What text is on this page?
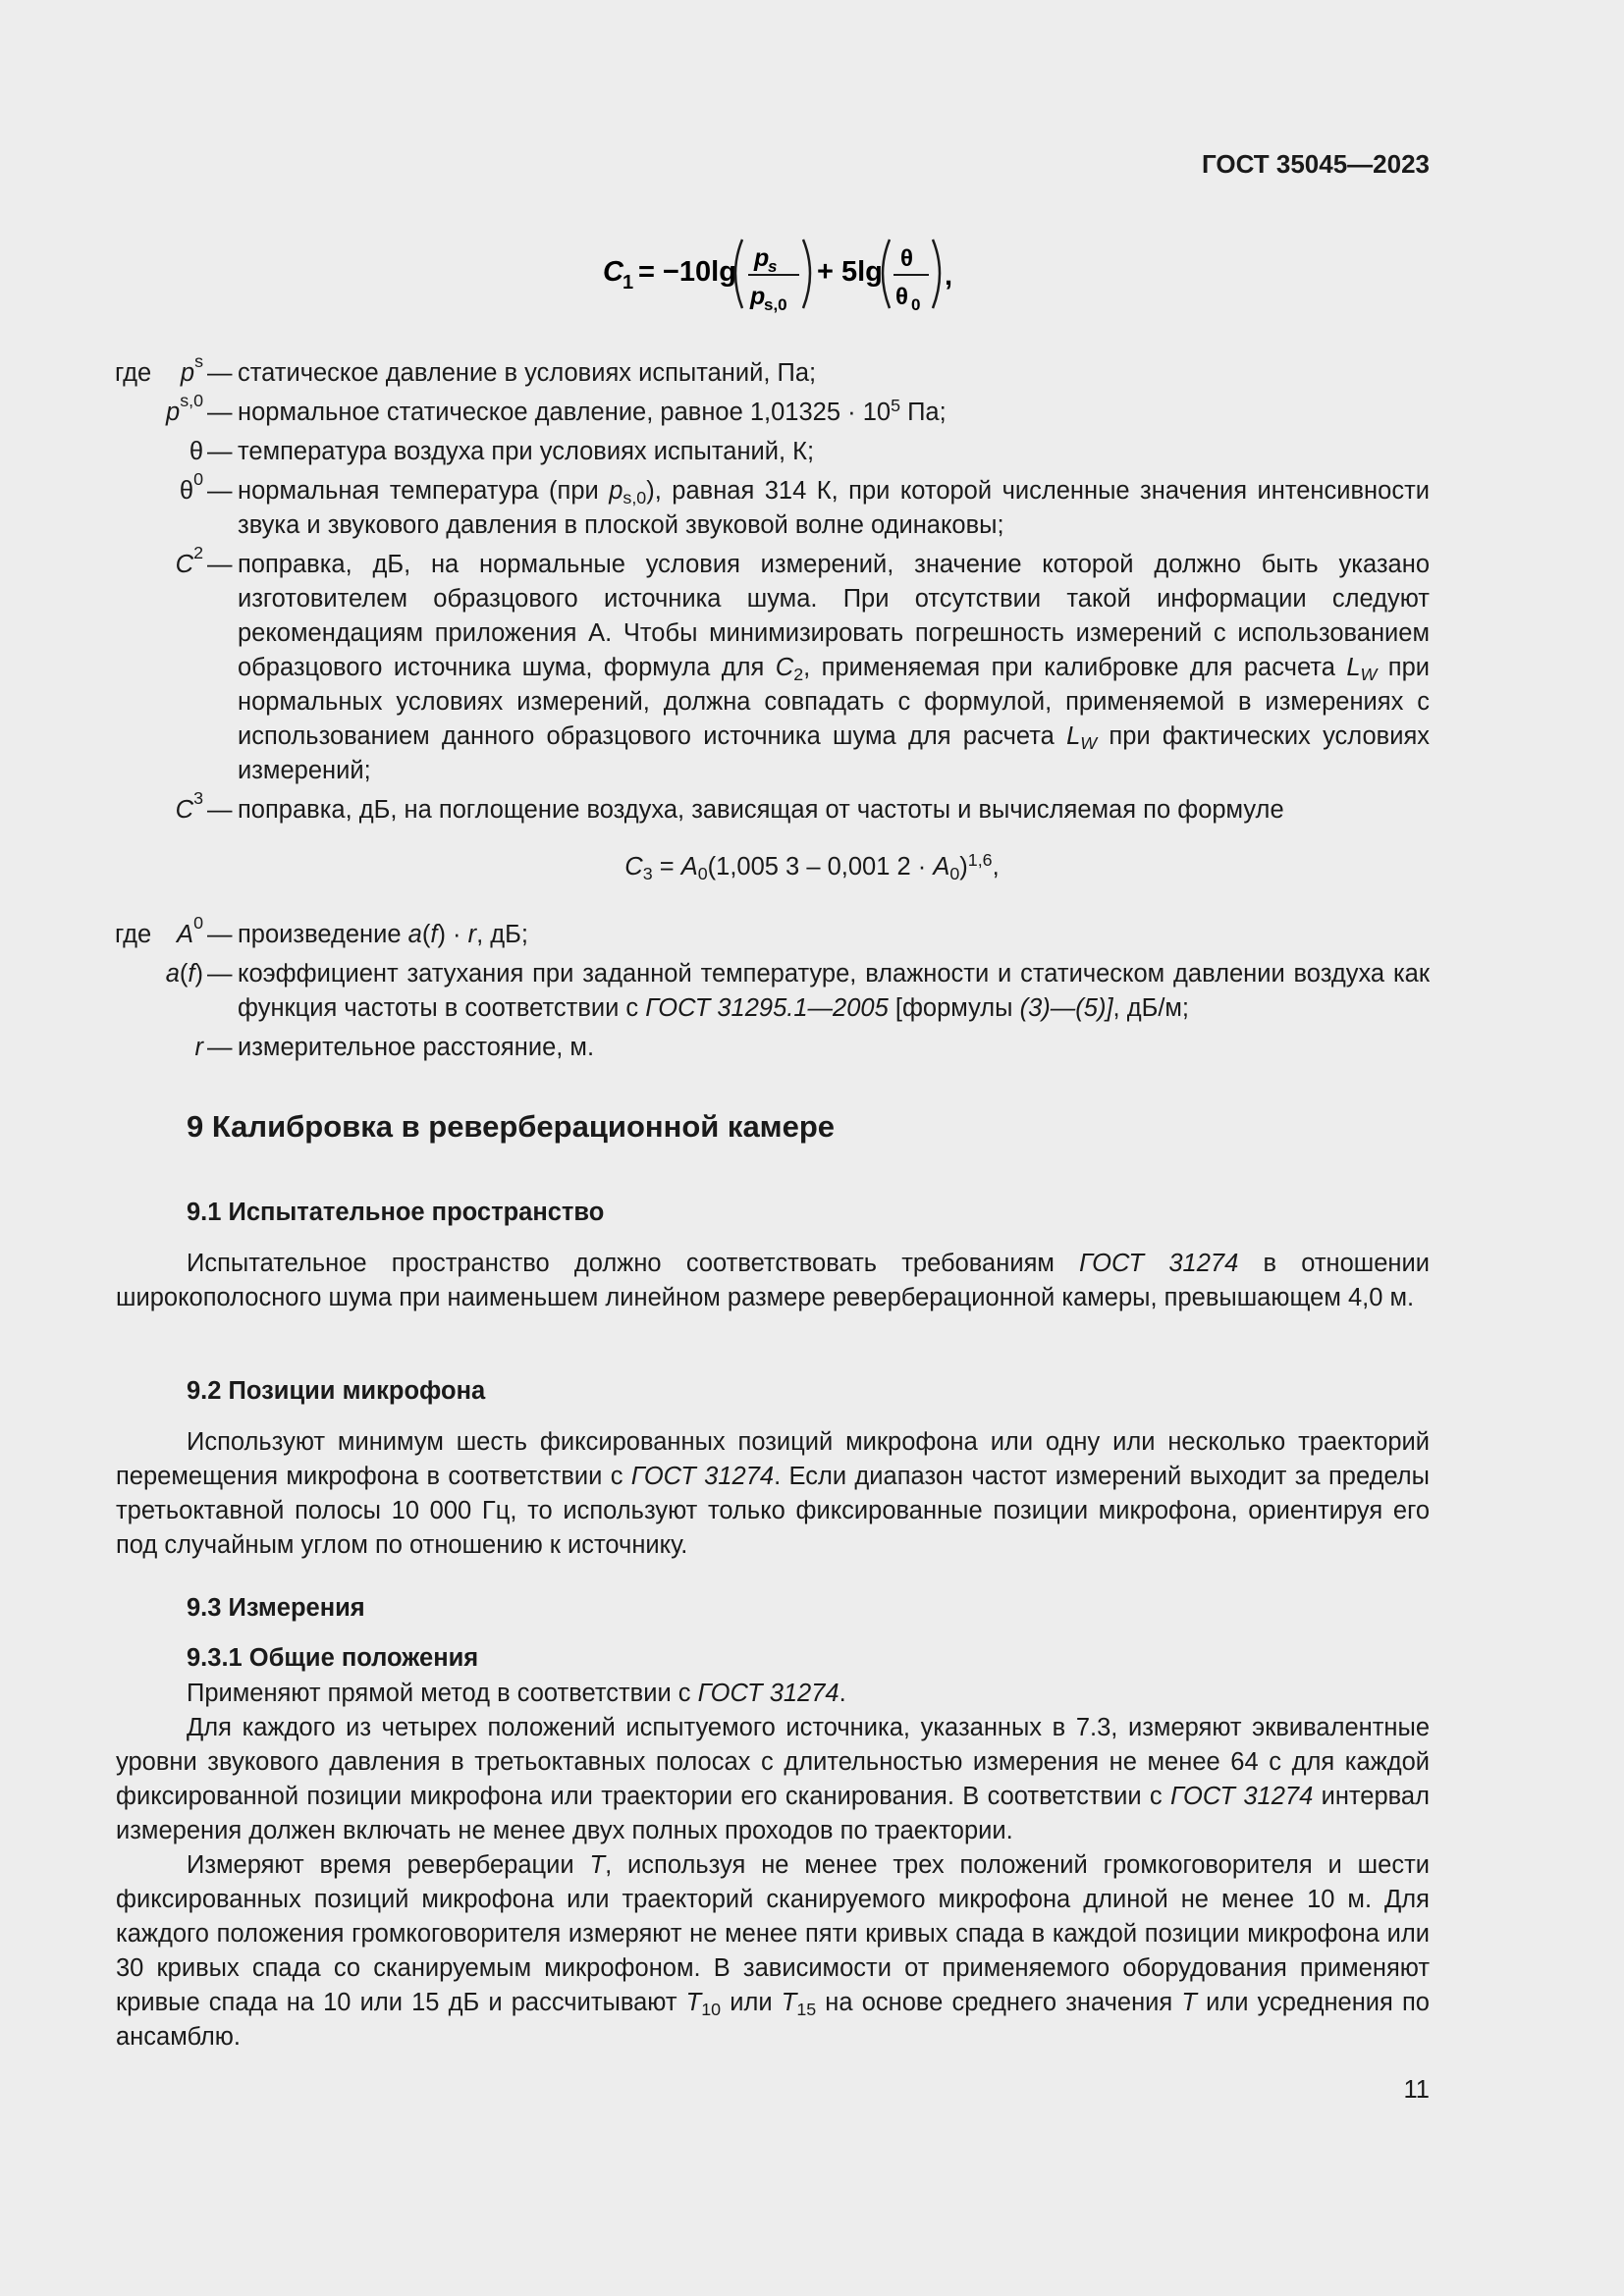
ГОСТ 35045—2023
C 1 = −10lg p
s
p
s,0
+ 5lg θ
θ 0
,
где	$p_s$ — статическое давление в условиях испытаний, Па;
$p_{s,0}$ — нормальное статическое давление, равное $1,01325 \cdot 10^5$ Па;
θ — температура воздуха при условиях испытаний, К;
$\theta_0$ — нормальная температура (при $p_{s,0}$), равная 314 К, при которой численные значения интенсивности звука и звукового давления в плоской звуковой волне одинаковы;
$C_2$ — поправка, дБ, на нормальные условия измерений, значение которой должно быть указано изготовителем образцового источника шума. При отсутствии такой информации следуют рекомендациям приложения А. Чтобы минимизировать погрешность измерений с использованием образцового источника шума, формула для $C_2$, применяемая при калибровке для расчета $L_W$ при нормальных условиях измерений, должна совпадать с формулой, применяемой в измерениях с использованием данного образцового источника шума для расчета $L_W$ при фактических условиях измерений;
$C_3$ — поправка, дБ, на поглощение воздуха, зависящая от частоты и вычисляемая по формуле
$C_3 = A_0(1,005$ 3 – 0,001 $2 \cdot A_0)^{1,6}$,
где	$A_0$ — произведение a(f) · r, дБ;
a ( f ) — коэффициент затухания при заданной температуре, влажности и статическом давлении воздуха как функция частоты в соответствии с ГОСТ 31295.1—2005 [формулы (3)—(5)], дБ/м;
r — измерительное расстояние, м.
9 Калибровка в реверберационной камере
9.1 Испытательное пространство

Испытательное пространство должно соответствовать требованиям ГОСТ 31274 в отношении широкополосного шума при наименьшем линейном размере реверберационной камеры, превышающем 4,0 м.

9.2 Позиции микрофона

Используют минимум шесть фиксированных позиций микрофона или одну или несколько траекторий перемещения микрофона в соответствии с ГОСТ 31274. Если диапазон частот измерений выходит за пределы третьоктавной полосы 10 000 Гц, то используют только фиксированные позиции микрофона, ориентируя его под случайным углом по отношению к источнику.

9.3 Измерения
9.3.1 Общие положения

Применяют прямой метод в соответствии с ГОСТ 31274.

Для каждого из четырех положений испытуемого источника, указанных в 7.3, измеряют эквивалентные уровни звукового давления в третьоктавных полосах с длительностью измерения не менее 64 с для каждой фиксированной позиции микрофона или траектории его сканирования. В соответствии с ГОСТ 31274 интервал измерения должен включать не менее двух полных проходов по траектории.

Измеряют время реверберации T, используя не менее трех положений громкоговорителя и шести фиксированных позиций микрофона или траекторий сканируемого микрофона длиной не менее 10 м. Для каждого положения громкоговорителя измеряют не менее пяти кривых спада в каждой позиции микрофона или 30 кривых спада со сканируемым микрофоном. В зависимости от применяемого оборудования применяют кривые спада на 10 или 15 дБ и рассчитывают $T_{10}$ или $T_{15}$ на основе среднего значения T или усреднения по ансамблю.

11
